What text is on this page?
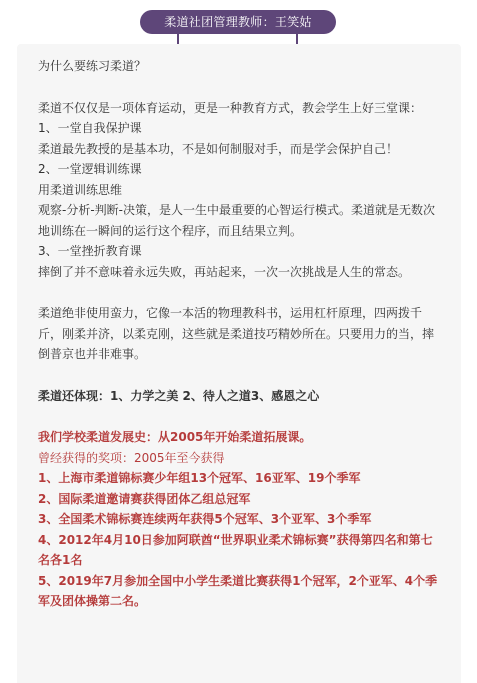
柔道社团管理教师：王笑姑

为什么要练习柔道？

柔道不仅仅是一项体育运动，更是一种教育方式，教会学生上好三堂课：

1、一堂自我保护课

柔道最先教授的是基本功，不是如何制服对手，而是学会保护自己！

2、一堂逻辑训练课

用柔道训练思维

观察-分析-判断-决策，是人一生中最重要的心智运行模式。柔道就是无数次地训练在一瞬间的运行这个程序，而且结果立判。

3、一堂挫折教育课

摔倒了并不意味着永远失败，再站起来，一次一次挑战是人生的常态。

柔道绝非使用蛮力，它像一本活的物理教科书，运用杠杆原理，四两拨千斤，刚柔并济，以柔克刚，这些就是柔道技巧精妙所在。只要用力的当，摔倒普京也并非难事。

柔道还体现：1、力学之美 2、待人之道3、感恩之心

我们学校柔道发展史：从2005年开始柔道拓展课。

曾经获得的奖项：2005年至今获得

1、上海市柔道锦标赛少年组13个冠军、16亚军、19个季军

2、国际柔道邀请赛获得团体乙组总冠军

3、全国柔术锦标赛连续两年获得5个冠军、3个亚军、3个季军

4、2012年4月10日参加阿联酋“世界职业柔术锦标赛”获得第四名和第七名各1名

5、2019年7月参加全国中小学生柔道比赛获得1个冠军，2个亚军、4个季军及团体操第二名。
